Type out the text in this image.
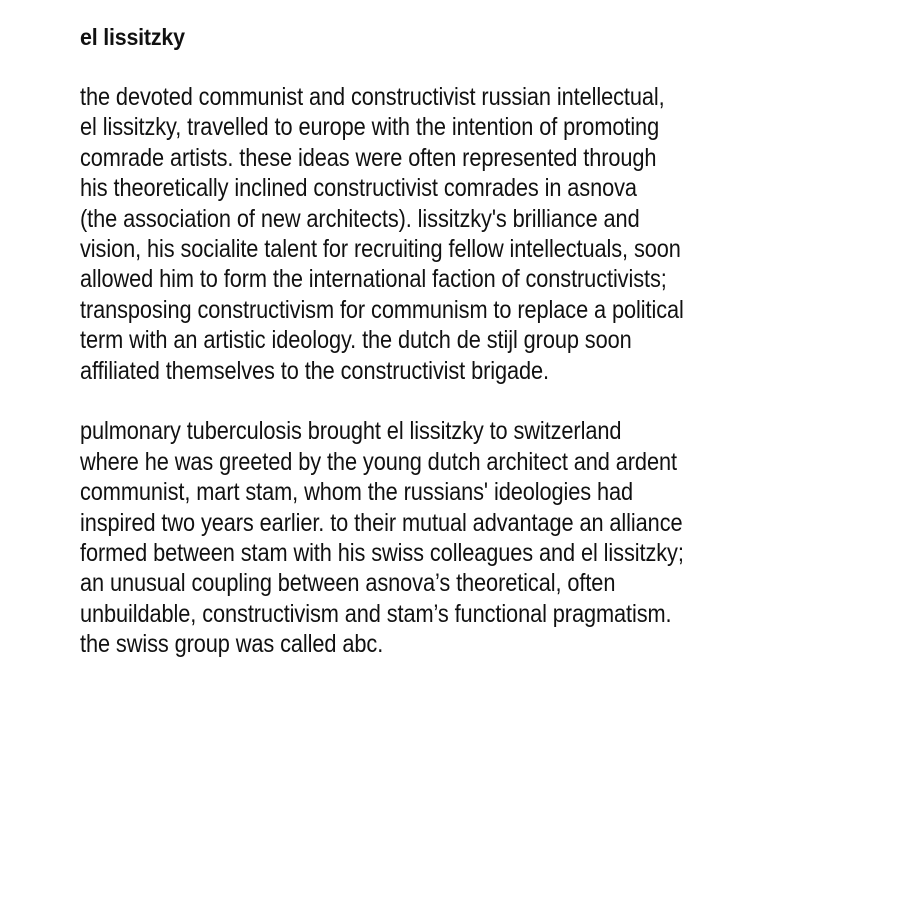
el lissitzky
the devoted communist and constructivist russian intellectual,
el lissitzky, travelled to europe with the intention of promoting
comrade artists. these ideas were often represented through
his theoretically inclined constructivist comrades in asnova
(the association of new architects). lissitzky's brilliance and
vision, his socialite talent for recruiting fellow intellectuals, soon
allowed him to form the international faction of constructivists;
transposing constructivism for communism to replace a political
term with an artistic ideology. the dutch de stijl group soon
affiliated themselves to the constructivist brigade.
pulmonary tuberculosis brought el lissitzky to switzerland
where he was greeted by the young dutch architect and ardent
communist, mart stam, whom the russians' ideologies had
inspired two years earlier. to their mutual advantage an alliance
formed between stam with his swiss colleagues and el lissitzky;
an unusual coupling between asnova’s theoretical, often
unbuildable, constructivism and stam’s functional pragmatism.
the swiss group was called abc.
